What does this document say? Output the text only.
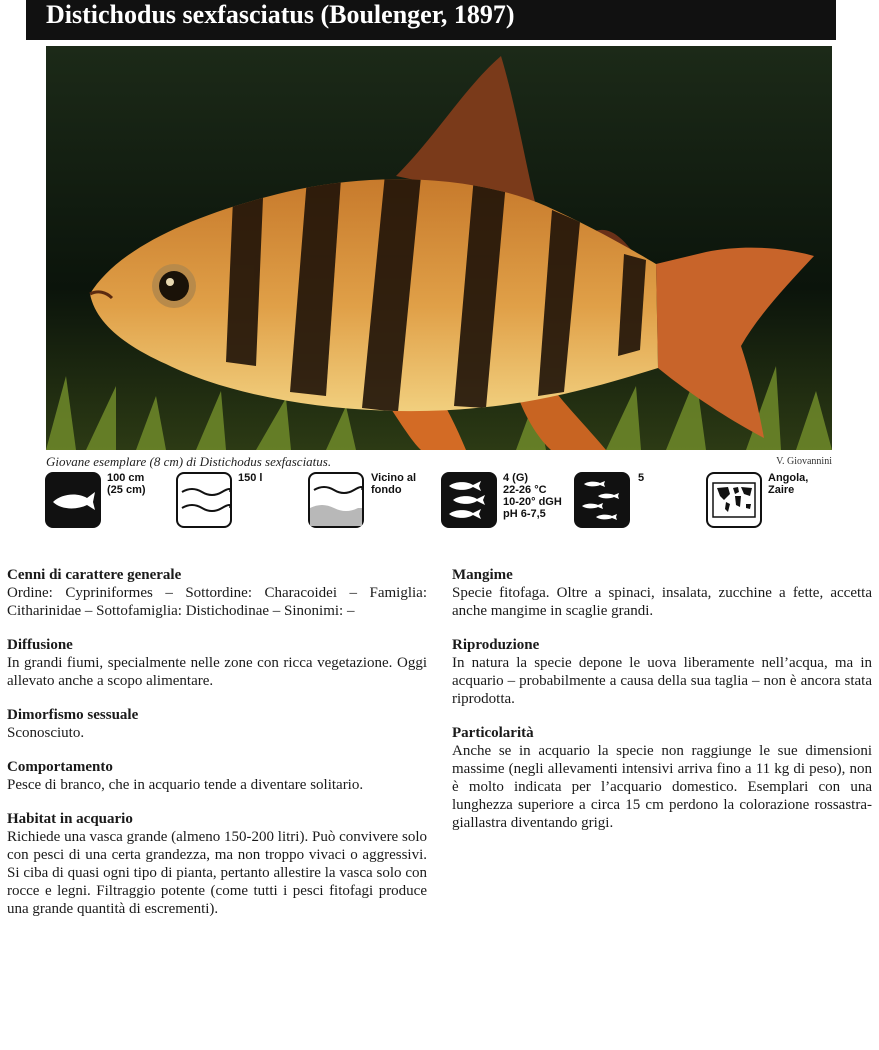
Distichodus sexfasciatus (Boulenger, 1897)
Giovane esemplare (8 cm) di Distichodus sexfasciatus.	V. Giovannini
100 cm
(25 cm)
150 l	Vicino al
fondo
4 (G)
22-26 °C
10-20° dGH
pH 6-7,5
5	Angola,
Zaire
Cenni di carattere generale

Ordine: Cypriniformes – Sottordine: Characoidei – Famiglia: Citharinidae – Sottofamiglia: Distichodinae – Sinonimi: –

Diffusione

In grandi fiumi, specialmente nelle zone con ricca vegetazione. Oggi allevato anche a scopo alimentare.

Dimorfismo sessuale

Sconosciuto.

Comportamento

Pesce di branco, che in acquario tende a diventare solitario.

Habitat in acquario

Richiede una vasca grande (almeno 150-200 litri). Può convivere solo con pesci di una certa grandezza, ma non troppo vivaci o aggressivi. Si ciba di quasi ogni tipo di pianta, pertanto allestire la vasca solo con rocce e legni. Filtraggio potente (come tutti i pesci fitofagi produce una grande quantità di escrementi).

Mangime

Specie fitofaga. Oltre a spinaci, insalata, zucchine a fette, accetta anche mangime in scaglie grandi.

Riproduzione

In natura la specie depone le uova liberamente nell’acqua, ma in acquario – probabilmente a causa della sua taglia – non è ancora stata riprodotta.

Particolarità

Anche se in acquario la specie non raggiunge le sue dimensioni massime (negli allevamenti intensivi arriva fino a 11 kg di peso), non è molto indicata per l’acquario domestico. Esemplari con una lunghezza superiore a circa 15 cm perdono la colorazione rossastra-giallastra diventando grigi.
